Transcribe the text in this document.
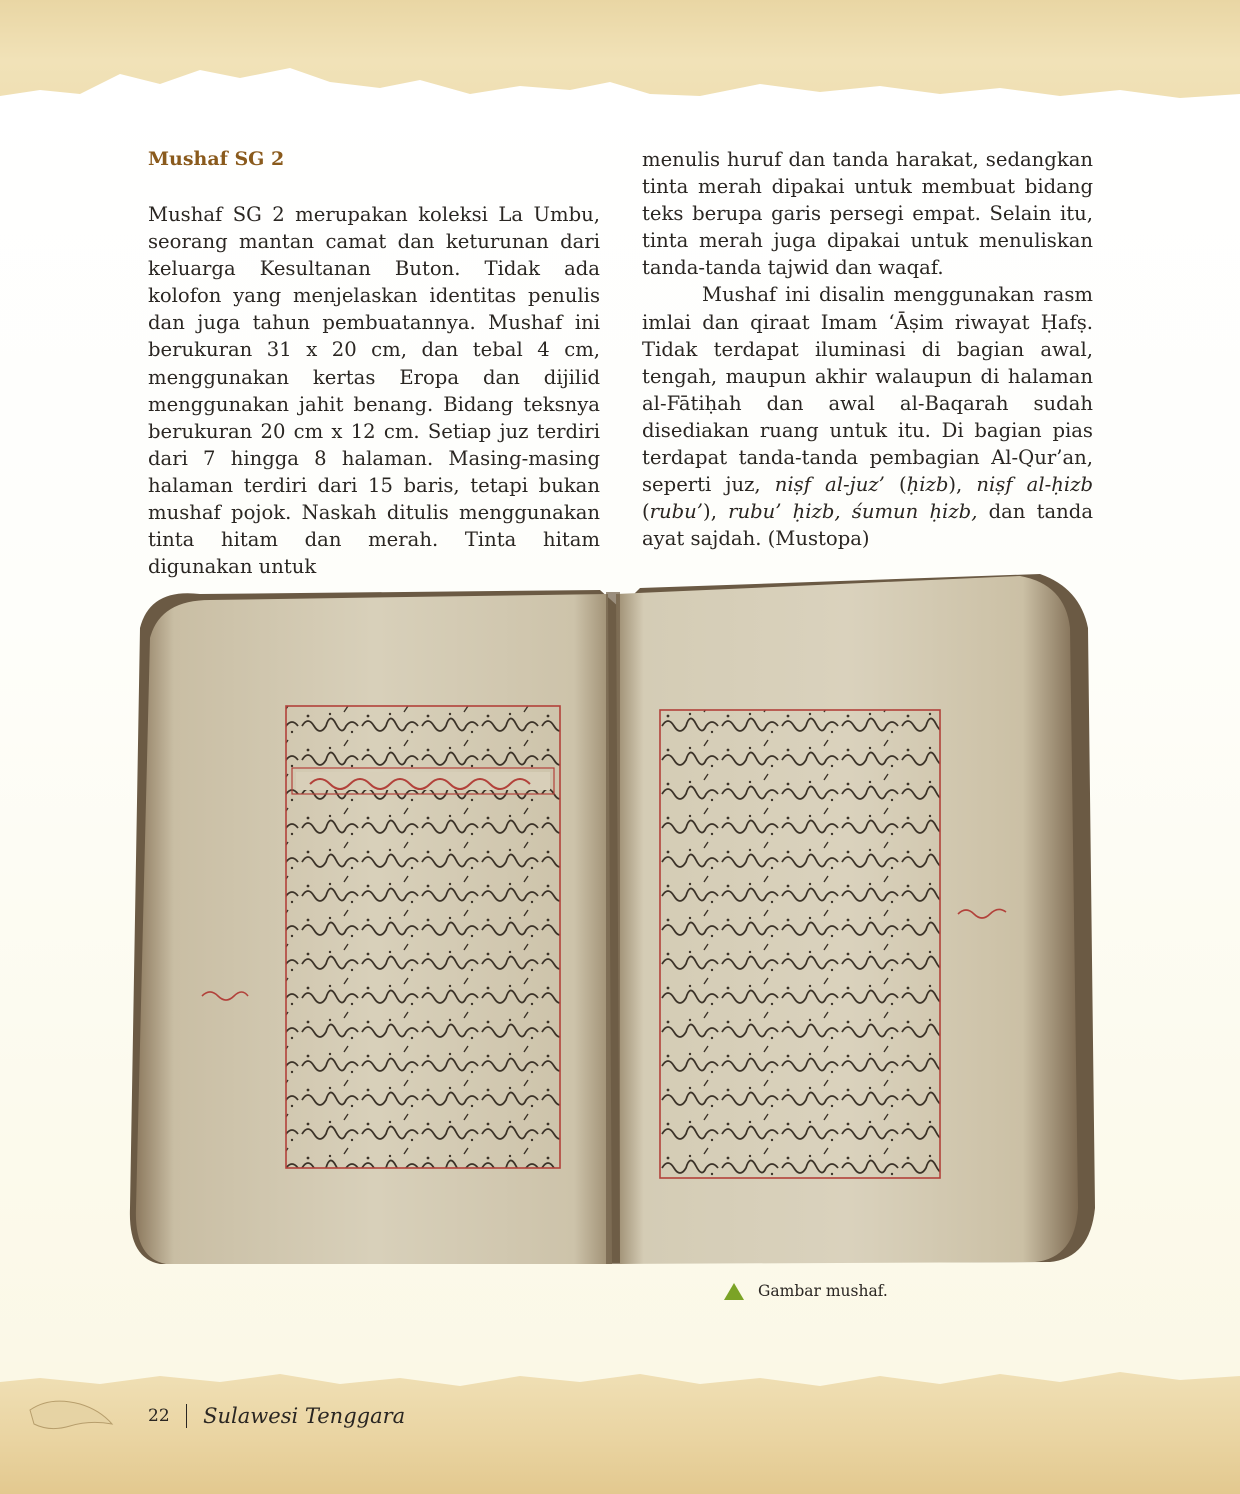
Mushaf SG 2

Mushaf SG 2 merupakan koleksi La Umbu, seorang mantan camat dan keturunan dari keluarga Kesultanan Buton. Tidak ada kolofon yang menjelaskan identitas penulis dan juga tahun pembuatannya. Mushaf ini berukuran 31 x 20 cm, dan tebal 4 cm, menggunakan kertas Eropa dan dijilid menggunakan jahit benang. Bidang teksnya berukuran 20 cm x 12 cm. Setiap juz terdiri dari 7 hingga 8 halaman. Masing-masing halaman terdiri dari 15 baris, tetapi bukan mushaf pojok. Naskah ditulis menggunakan tinta hitam dan merah. Tinta hitam digunakan untuk

menulis huruf dan tanda harakat, sedangkan tinta merah dipakai untuk membuat bidang teks berupa garis persegi empat. Selain itu, tinta merah juga dipakai untuk menuliskan tanda-tanda tajwid dan waqaf.

Mushaf ini disalin menggunakan rasm imlai dan qiraat Imam ‘Āṣim riwayat Ḥafṣ. Tidak terdapat iluminasi di bagian awal, tengah, maupun akhir walaupun di halaman al-Fātiḥah dan awal al-Baqarah sudah disediakan ruang untuk itu. Di bagian pias terdapat tanda-tanda pembagian Al-Qur’an, seperti juz, niṣf al-juz’ (ḥizb), niṣf al-ḥizb (rubu’), rubu’ ḥizb, śumun ḥizb, dan tanda ayat sajdah. (Mustopa)

Gambar mushaf.
22 Sulawesi Tenggara
